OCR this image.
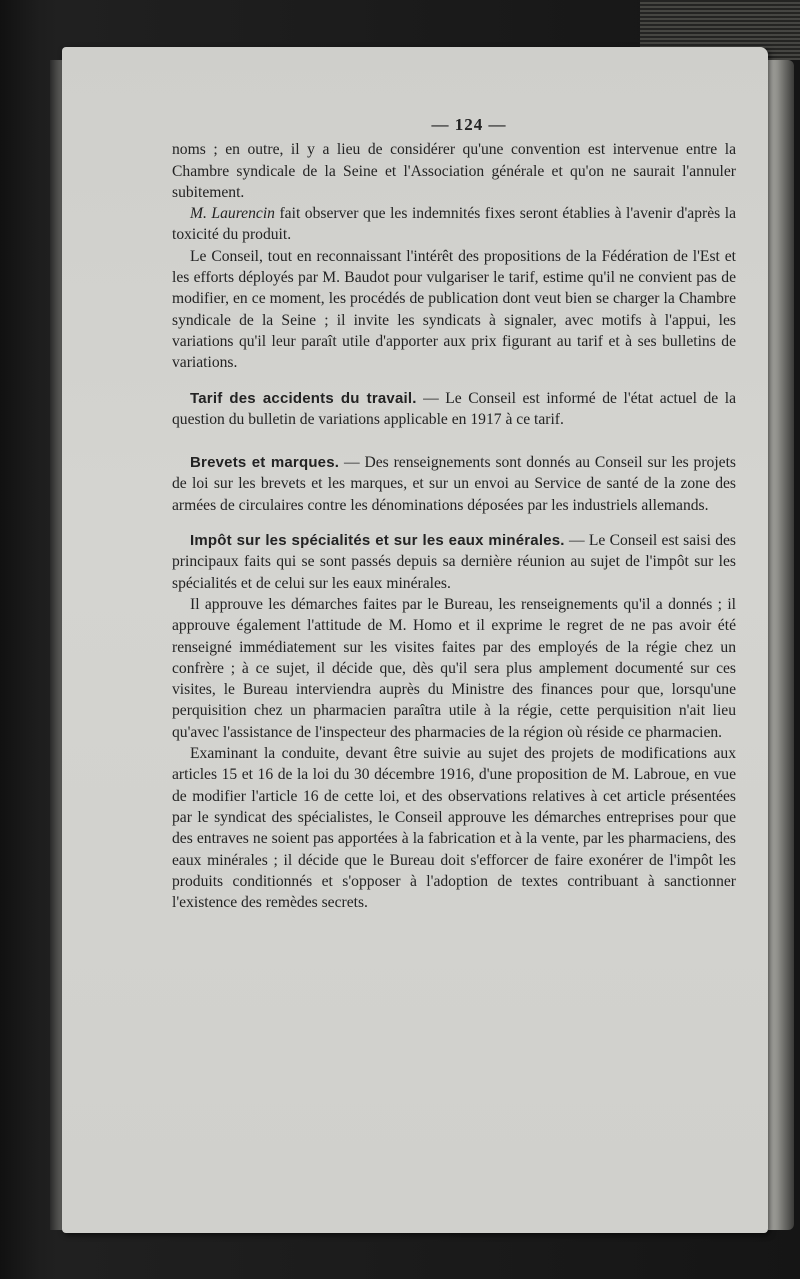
— 124 —

noms ; en outre, il y a lieu de considérer qu'une convention est intervenue entre la Chambre syndicale de la Seine et l'Association générale et qu'on ne saurait l'annuler subitement.

M. Laurencin fait observer que les indemnités fixes seront établies à l'avenir d'après la toxicité du produit.

Le Conseil, tout en reconnaissant l'intérêt des propositions de la Fédération de l'Est et les efforts déployés par M. Baudot pour vulgariser le tarif, estime qu'il ne convient pas de modifier, en ce moment, les procédés de publication dont veut bien se charger la Chambre syndicale de la Seine ; il invite les syndicats à signaler, avec motifs à l'appui, les variations qu'il leur paraît utile d'apporter aux prix figurant au tarif et à ses bulletins de variations.

Tarif des accidents du travail. — Le Conseil est informé de l'état actuel de la question du bulletin de variations applicable en 1917 à ce tarif.

Brevets et marques. — Des renseignements sont donnés au Conseil sur les projets de loi sur les brevets et les marques, et sur un envoi au Service de santé de la zone des armées de circulaires contre les dénominations déposées par les industriels allemands.

Impôt sur les spécialités et sur les eaux minérales. — Le Conseil est saisi des principaux faits qui se sont passés depuis sa dernière réunion au sujet de l'impôt sur les spécialités et de celui sur les eaux minérales.

Il approuve les démarches faites par le Bureau, les renseignements qu'il a donnés ; il approuve également l'attitude de M. Homo et il exprime le regret de ne pas avoir été renseigné immédiatement sur les visites faites par des employés de la régie chez un confrère ; à ce sujet, il décide que, dès qu'il sera plus amplement documenté sur ces visites, le Bureau interviendra auprès du Ministre des finances pour que, lorsqu'une perquisition chez un pharmacien paraîtra utile à la régie, cette perquisition n'ait lieu qu'avec l'assistance de l'inspecteur des pharmacies de la région où réside ce pharmacien.

Examinant la conduite, devant être suivie au sujet des projets de modifications aux articles 15 et 16 de la loi du 30 décembre 1916, d'une proposition de M. Labroue, en vue de modifier l'article 16 de cette loi, et des observations relatives à cet article présentées par le syndicat des spécialistes, le Conseil approuve les démarches entreprises pour que des entraves ne soient pas apportées à la fabrication et à la vente, par les pharmaciens, des eaux minérales ; il décide que le Bureau doit s'efforcer de faire exonérer de l'impôt les produits conditionnés et s'opposer à l'adoption de textes contribuant à sanctionner l'existence des remèdes secrets.
